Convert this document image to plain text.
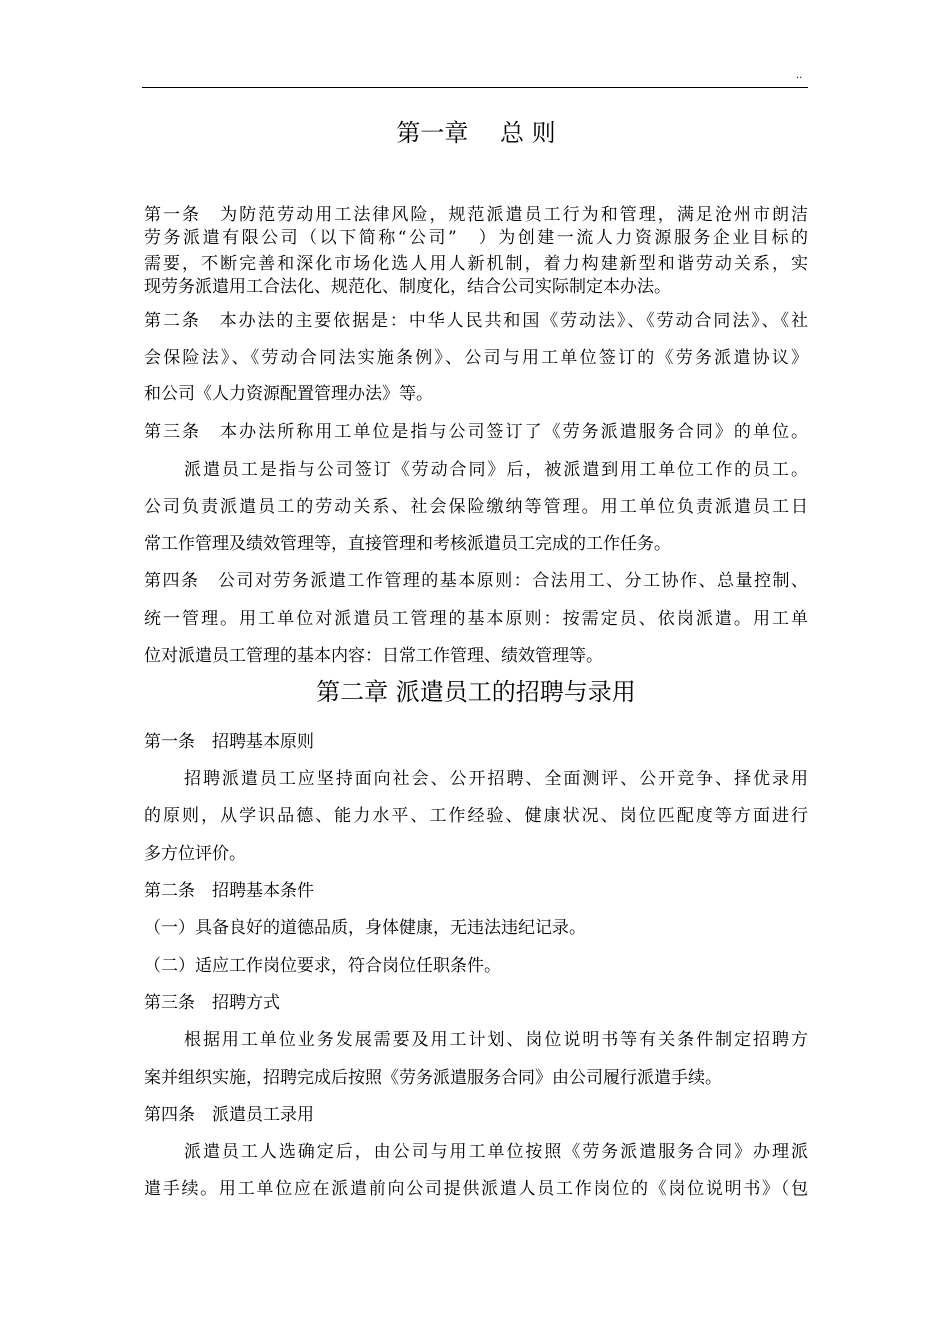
..
第一章　 总 则
第一条　为防范劳动用工法律风险，规范派遣员工行为和管理，满足沧州市朗洁
劳务派遣有限公司（以下简称“公司”　）为创建一流人力资源服务企业目标的
需要，不断完善和深化市场化选人用人新机制，着力构建新型和谐劳动关系，实
现劳务派遣用工合法化、规范化、制度化，结合公司实际制定本办法。
第二条　本办法的主要依据是：中华人民共和国《劳动法》、《劳动合同法》、《社
会保险法》、《劳动合同法实施条例》、公司与用工单位签订的《劳务派遣协议》
和公司《人力资源配置管理办法》等。
第三条　本办法所称用工单位是指与公司签订了《劳务派遣服务合同》的单位。
派遣员工是指与公司签订《劳动合同》后，被派遣到用工单位工作的员工。
公司负责派遣员工的劳动关系、社会保险缴纳等管理。用工单位负责派遣员工日
常工作管理及绩效管理等，直接管理和考核派遣员工完成的工作任务。
第四条　公司对劳务派遣工作管理的基本原则：合法用工、分工协作、总量控制、
统一管理。用工单位对派遣员工管理的基本原则：按需定员、依岗派遣。用工单
位对派遣员工管理的基本内容：日常工作管理、绩效管理等。
第二章 派遣员工的招聘与录用
第一条　招聘基本原则
招聘派遣员工应坚持面向社会、公开招聘、全面测评、公开竞争、择优录用
的原则，从学识品德、能力水平、工作经验、健康状况、岗位匹配度等方面进行
多方位评价。
第二条　招聘基本条件
（一）具备良好的道德品质，身体健康，无违法违纪记录。
（二）适应工作岗位要求，符合岗位任职条件。
第三条　招聘方式
根据用工单位业务发展需要及用工计划、岗位说明书等有关条件制定招聘方
案并组织实施，招聘完成后按照《劳务派遣服务合同》由公司履行派遣手续。
第四条　派遣员工录用
派遣员工人选确定后，由公司与用工单位按照《劳务派遣服务合同》办理派
遣手续。用工单位应在派遣前向公司提供派遣人员工作岗位的《岗位说明书》（包
